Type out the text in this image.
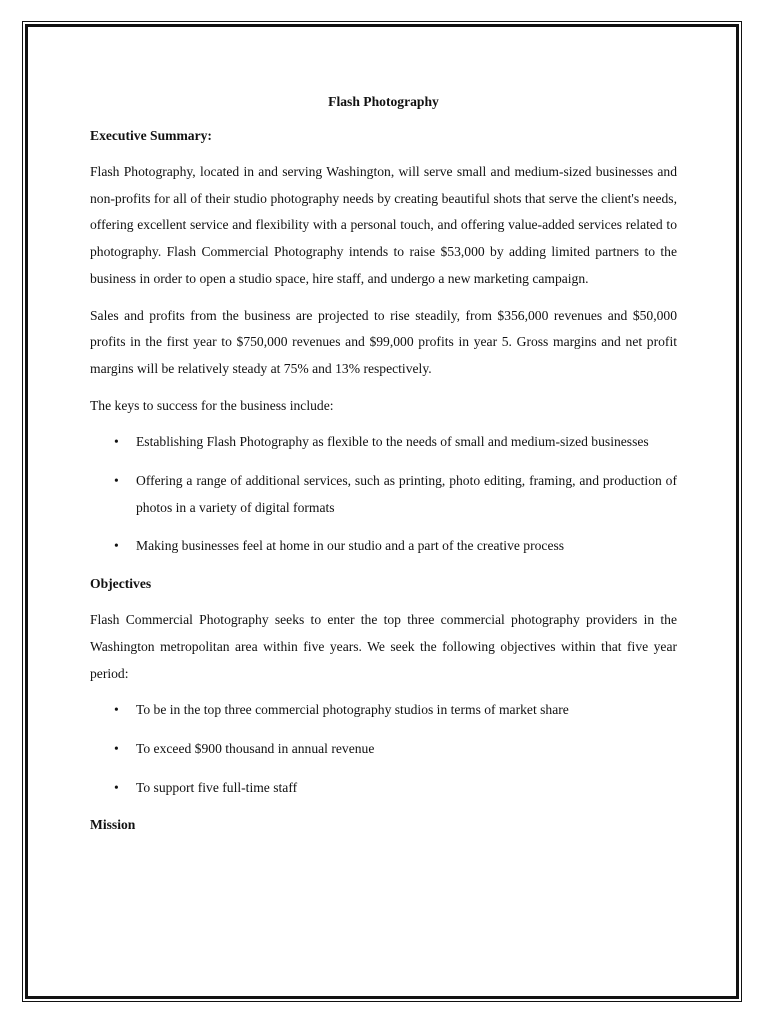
Flash Photography
Executive Summary:

Flash Photography, located in and serving Washington, will serve small and medium-sized businesses and non-profits for all of their studio photography needs by creating beautiful shots that serve the client's needs, offering excellent service and flexibility with a personal touch, and offering value-added services related to photography. Flash Commercial Photography intends to raise $53,000 by adding limited partners to the business in order to open a studio space, hire staff, and undergo a new marketing campaign.

Sales and profits from the business are projected to rise steadily, from $356,000 revenues and $50,000 profits in the first year to $750,000 revenues and $99,000 profits in year 5. Gross margins and net profit margins will be relatively steady at 75% and 13% respectively.

The keys to success for the business include:

• Establishing Flash Photography as flexible to the needs of small and medium-sized businesses
• Offering a range of additional services, such as printing, photo editing, framing, and production of photos in a variety of digital formats
• Making businesses feel at home in our studio and a part of the creative process
Objectives

Flash Commercial Photography seeks to enter the top three commercial photography providers in the Washington metropolitan area within five years. We seek the following objectives within that five year period:

• To be in the top three commercial photography studios in terms of market share
• To exceed $900 thousand in annual revenue
• To support five full-time staff
Mission
